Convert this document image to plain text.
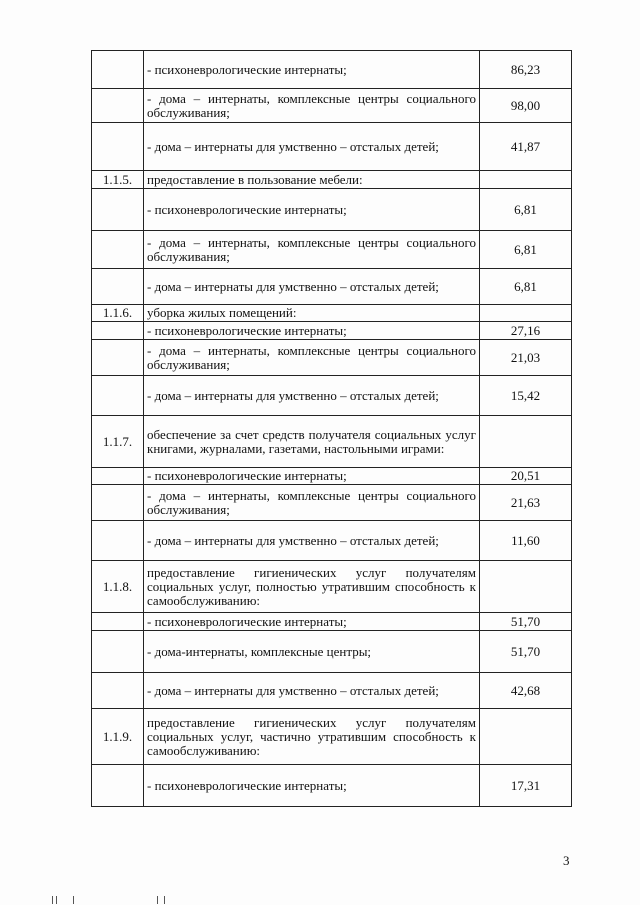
	- психоневрологические интернаты;	86,23
	- дома – интернаты, комплексные центры социального обслуживания;	98,00
	- дома – интернаты для умственно – отсталых детей;	41,87
1.1.5.	предоставление в пользование мебели:	
	- психоневрологические интернаты;	6,81
	- дома – интернаты, комплексные центры социального обслуживания;	6,81
	- дома – интернаты для умственно – отсталых детей;	6,81
1.1.6.	уборка жилых помещений:	
	- психоневрологические интернаты;	27,16
	- дома – интернаты, комплексные центры социального обслуживания;	21,03
	- дома – интернаты для умственно – отсталых детей;	15,42
1.1.7.	обеспечение за счет средств получателя социальных услуг книгами, журналами, газетами, настольными играми:	
	- психоневрологические интернаты;	20,51
	- дома – интернаты, комплексные центры социального обслуживания;	21,63
	- дома – интернаты для умственно – отсталых детей;	11,60
1.1.8.	предоставление гигиенических услуг получателям социальных услуг, полностью утратившим способность к самообслуживанию:	
	- психоневрологические интернаты;	51,70
	- дома-интернаты, комплексные центры;	51,70
	- дома – интернаты для умственно – отсталых детей;	42,68
1.1.9.	предоставление гигиенических услуг получателям социальных услуг, частично утратившим способность к самообслуживанию:	
	- психоневрологические интернаты;	17,31
3
